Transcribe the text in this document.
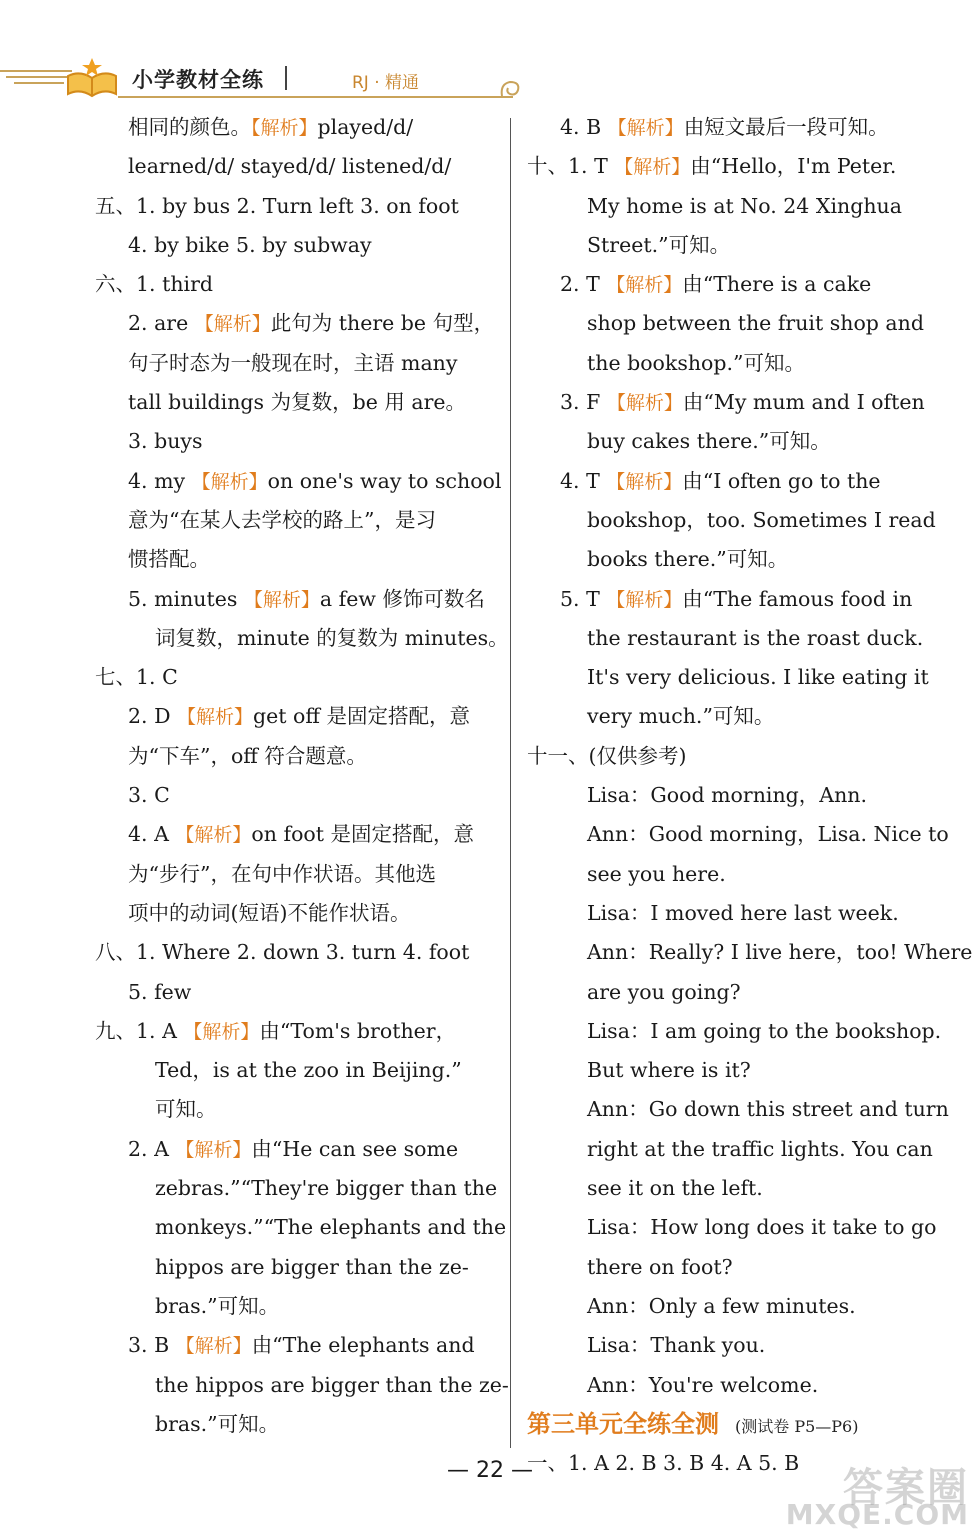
小学教材全练	RJ · 精通
相同的颜色。【解析】played/d/
learned/d/ stayed/d/ listened/d/
五、1. by bus 2. Turn left 3. on foot
4. by bike 5. by subway
六、1. third
2. are 【解析】此句为 there be 句型，
句子时态为一般现在时，主语 many
tall buildings 为复数，be 用 are。
3. buys
4. my 【解析】on one's way to school
意为“在某人去学校的路上”，是习
惯搭配。
5. minutes 【解析】a few 修饰可数名
词复数，minute 的复数为 minutes。
七、1. C
2. D 【解析】get off 是固定搭配，意
为“下车”，off 符合题意。
3. C
4. A 【解析】on foot 是固定搭配，意
为“步行”，在句中作状语。其他选
项中的动词(短语)不能作状语。
八、1. Where 2. down 3. turn 4. foot
5. few
九、1. A 【解析】由“Tom's brother，
Ted，is at the zoo in Beijing.”
可知。
2. A 【解析】由“He can see some
zebras.”“They're bigger than the
monkeys.”“The elephants and the
hippos are bigger than the ze-
bras.”可知。
3. B 【解析】由“The elephants and
the hippos are bigger than the ze-
bras.”可知。
4. B 【解析】由短文最后一段可知。
十、1. T 【解析】由“Hello，I'm Peter.
My home is at No. 24 Xinghua
Street.”可知。
2. T 【解析】由“There is a cake
shop between the fruit shop and
the bookshop.”可知。
3. F 【解析】由“My mum and I often
buy cakes there.”可知。
4. T 【解析】由“I often go to the
bookshop，too. Sometimes I read
books there.”可知。
5. T 【解析】由“The famous food in
the restaurant is the roast duck.
It's very delicious. I like eating it
very much.”可知。
十一、(仅供参考)
Lisa：Good morning，Ann.
Ann：Good morning，Lisa. Nice to
see you here.
Lisa：I moved here last week.
Ann：Really? I live here，too! Where
are you going?
Lisa：I am going to the bookshop.
But where is it?
Ann：Go down this street and turn
right at the traffic lights. You can
see it on the left.
Lisa：How long does it take to go
there on foot?
Ann：Only a few minutes.
Lisa：Thank you.
Ann：You're welcome.
第三单元全练全测 (测试卷 P5—P6)
一、1. A 2. B 3. B 4. A 5. B
— 22 —	答案圈
MXQE.COM
